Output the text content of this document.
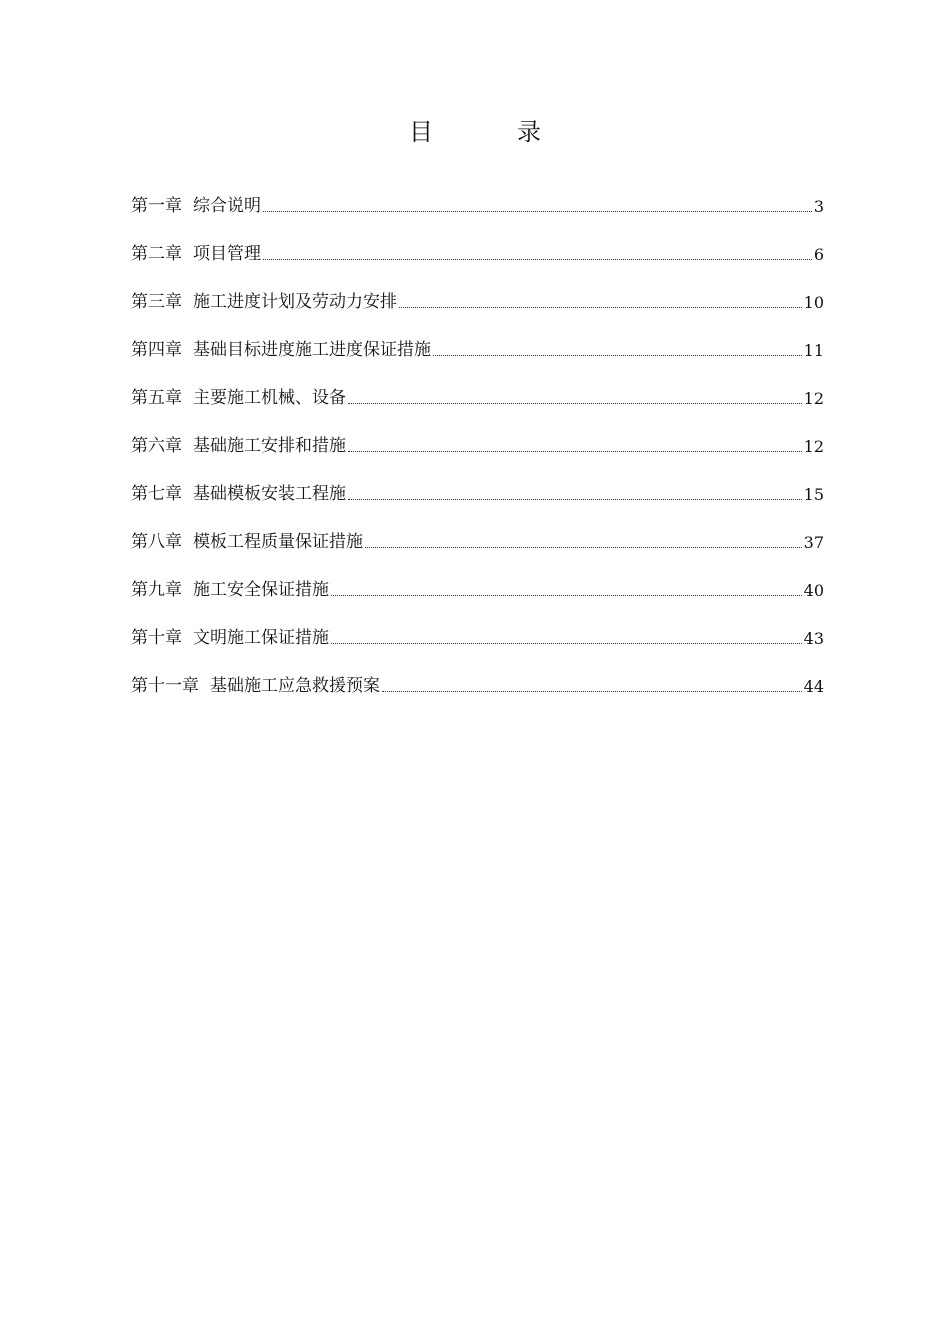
目	录
第一章 综合说明	3
第二章 项目管理	6
第三章 施工进度计划及劳动力安排	10
第四章 基础目标进度施工进度保证措施	11
第五章 主要施工机械、设备	12
第六章 基础施工安排和措施	12
第七章 基础模板安装工程施	15
第八章 模板工程质量保证措施	37
第九章 施工安全保证措施	40
第十章 文明施工保证措施	43
第十一章 基础施工应急救援预案	44
